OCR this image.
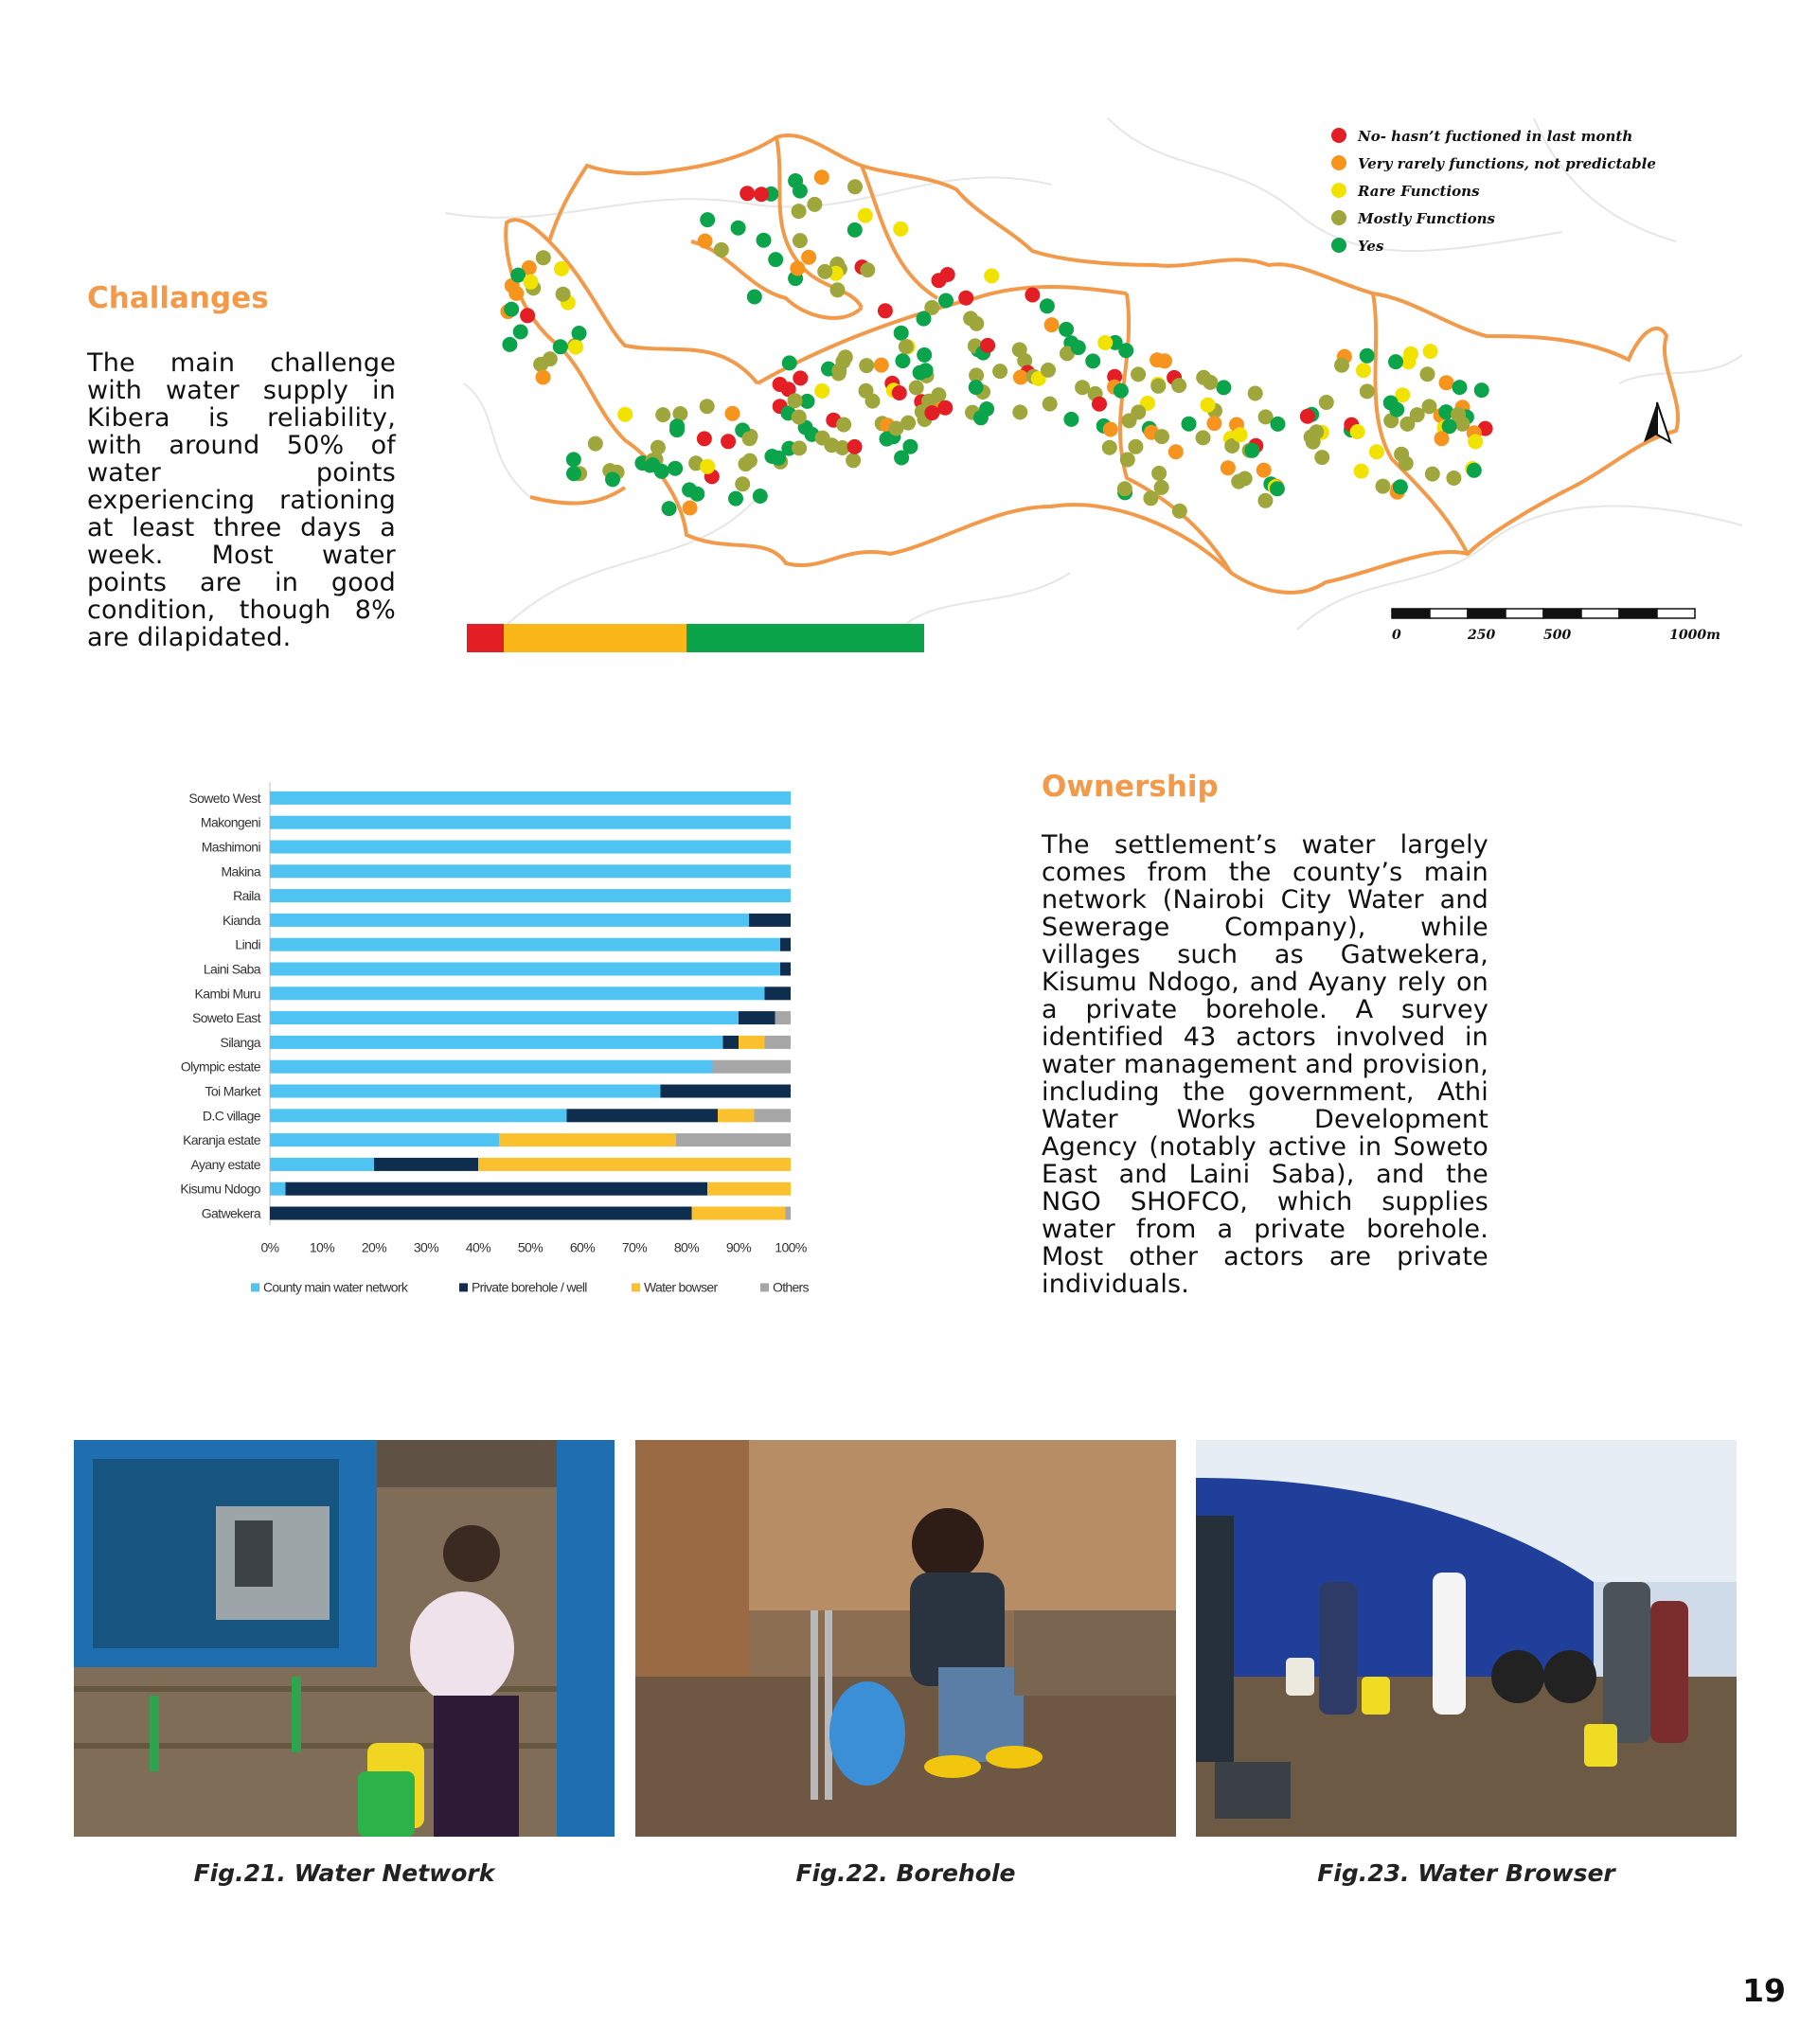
Challanges
The main challenge with water supply in Kibera is reliability, with around 50% of water points experiencing rationing at least three days a week. Most water points are in good condition, though 8% are dilapidated.
No- hasn’t fuctioned in last month
Very rarely functions, not predictable
Rare Functions
Mostly Functions
Yes
0	250	500	1000m
Ownership
The settlement’s water largely comes from the county’s main network (Nairobi City Water and Sewerage Company), while villages such as Gatwekera, Kisumu Ndogo, and Ayany rely on a private borehole. A survey identified 43 actors involved in water management and provision, including the government, Athi Water Works Development Agency (notably active in Soweto East and Laini Saba), and the NGO SHOFCO, which supplies water from a private borehole. Most other actors are private individuals.
Soweto West
Makongeni
Mashimoni
Makina
Raila
Kianda
Lindi
Laini Saba
Kambi Muru
Soweto East
Silanga
Olympic estate
Toi Market
D.C village
Karanja estate
Ayany estate
Kisumu Ndogo
Gatwekera
0% 10% 20% 30% 40% 50% 60% 70% 80% 90% 100%
County main water network	Private borehole / well	Water bowser	Others
Fig.21. Water Network	Fig.22. Borehole	Fig.23. Water Browser
19
